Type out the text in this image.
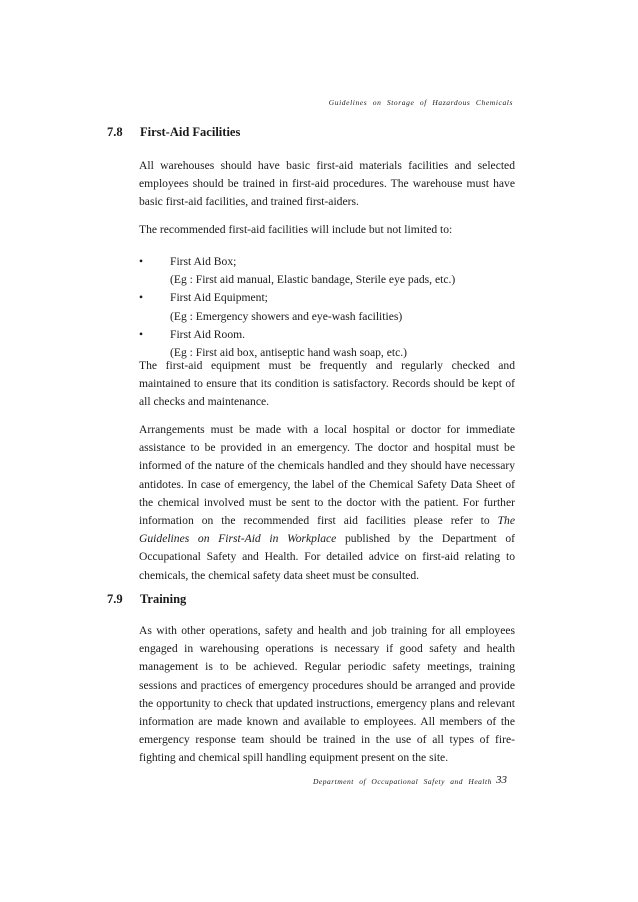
Guidelines on Storage of Hazardous Chemicals
7.8 First-Aid Facilities
All warehouses should have basic first-aid materials facilities and selected employees should be trained in first-aid procedures. The warehouse must have basic first-aid facilities, and trained first-aiders.
The recommended first-aid facilities will include but not limited to:
• First Aid Box;
(Eg : First aid manual, Elastic bandage, Sterile eye pads, etc.)
• First Aid Equipment;
(Eg : Emergency showers and eye-wash facilities)
• First Aid Room.
(Eg : First aid box, antiseptic hand wash soap, etc.)
The first-aid equipment must be frequently and regularly checked and maintained to ensure that its condition is satisfactory. Records should be kept of all checks and maintenance.
Arrangements must be made with a local hospital or doctor for immediate assistance to be provided in an emergency. The doctor and hospital must be informed of the nature of the chemicals handled and they should have necessary antidotes. In case of emergency, the label of the Chemical Safety Data Sheet of the chemical involved must be sent to the doctor with the patient. For further information on the recommended first aid facilities please refer to The Guidelines on First-Aid in Workplace published by the Department of Occupational Safety and Health. For detailed advice on first-aid relating to chemicals, the chemical safety data sheet must be consulted.
7.9 Training
As with other operations, safety and health and job training for all employees engaged in warehousing operations is necessary if good safety and health management is to be achieved. Regular periodic safety meetings, training sessions and practices of emergency procedures should be arranged and provide the opportunity to check that updated instructions, emergency plans and relevant information are made known and available to employees. All members of the emergency response team should be trained in the use of all types of fire-fighting and chemical spill handling equipment present on the site.
Department of Occupational Safety and Health 33
